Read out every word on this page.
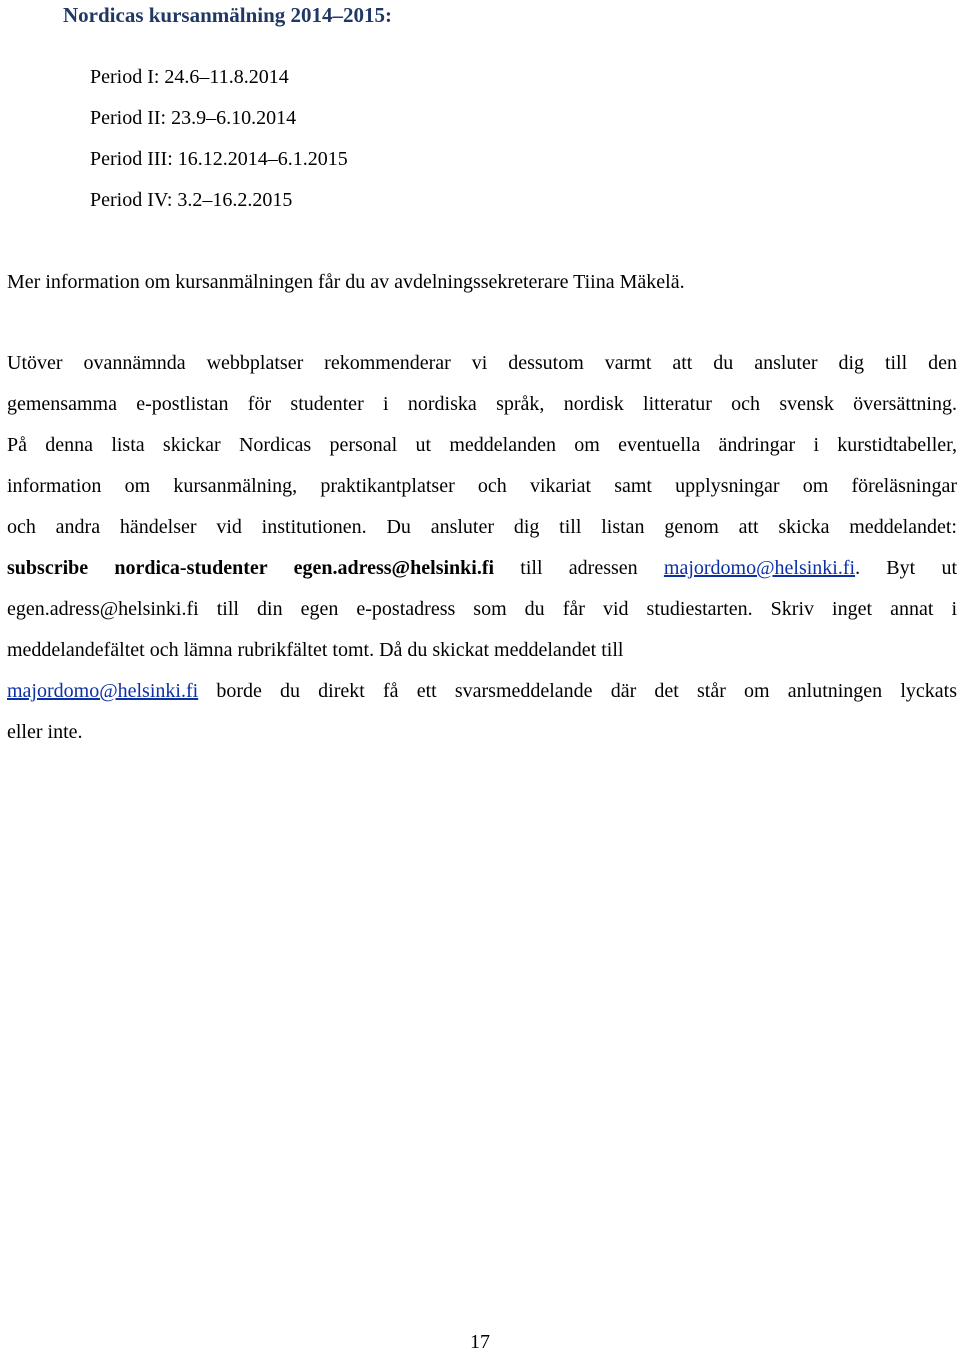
Nordicas kursanmälning 2014–2015:
Period I: 24.6–11.8.2014
Period II: 23.9–6.10.2014
Period III: 16.12.2014–6.1.2015
Period IV: 3.2–16.2.2015

Mer information om kursanmälningen får du av avdelningssekreterare Tiina Mäkelä.

Utöver ovannämnda webbplatser rekommenderar vi dessutom varmt att du ansluter dig till den
gemensamma e-postlistan för studenter i nordiska språk, nordisk litteratur och svensk översättning.
På denna lista skickar Nordicas personal ut meddelanden om eventuella ändringar i kurstidtabeller,
information om kursanmälning, praktikantplatser och vikariat samt upplysningar om föreläsningar
och andra händelser vid institutionen. Du ansluter dig till listan genom att skicka meddelandet:
subscribe nordica-studenter egen.adress@helsinki.fi till adressen majordomo@helsinki.fi. Byt ut
egen.adress@helsinki.fi till din egen e-postadress som du får vid studiestarten. Skriv inget annat i
meddelandefältet och lämna rubrikfältet tomt. Då du skickat meddelandet till
majordomo@helsinki.fi borde du direkt få ett svarsmeddelande där det står om anlutningen lyckats
eller inte.

17
